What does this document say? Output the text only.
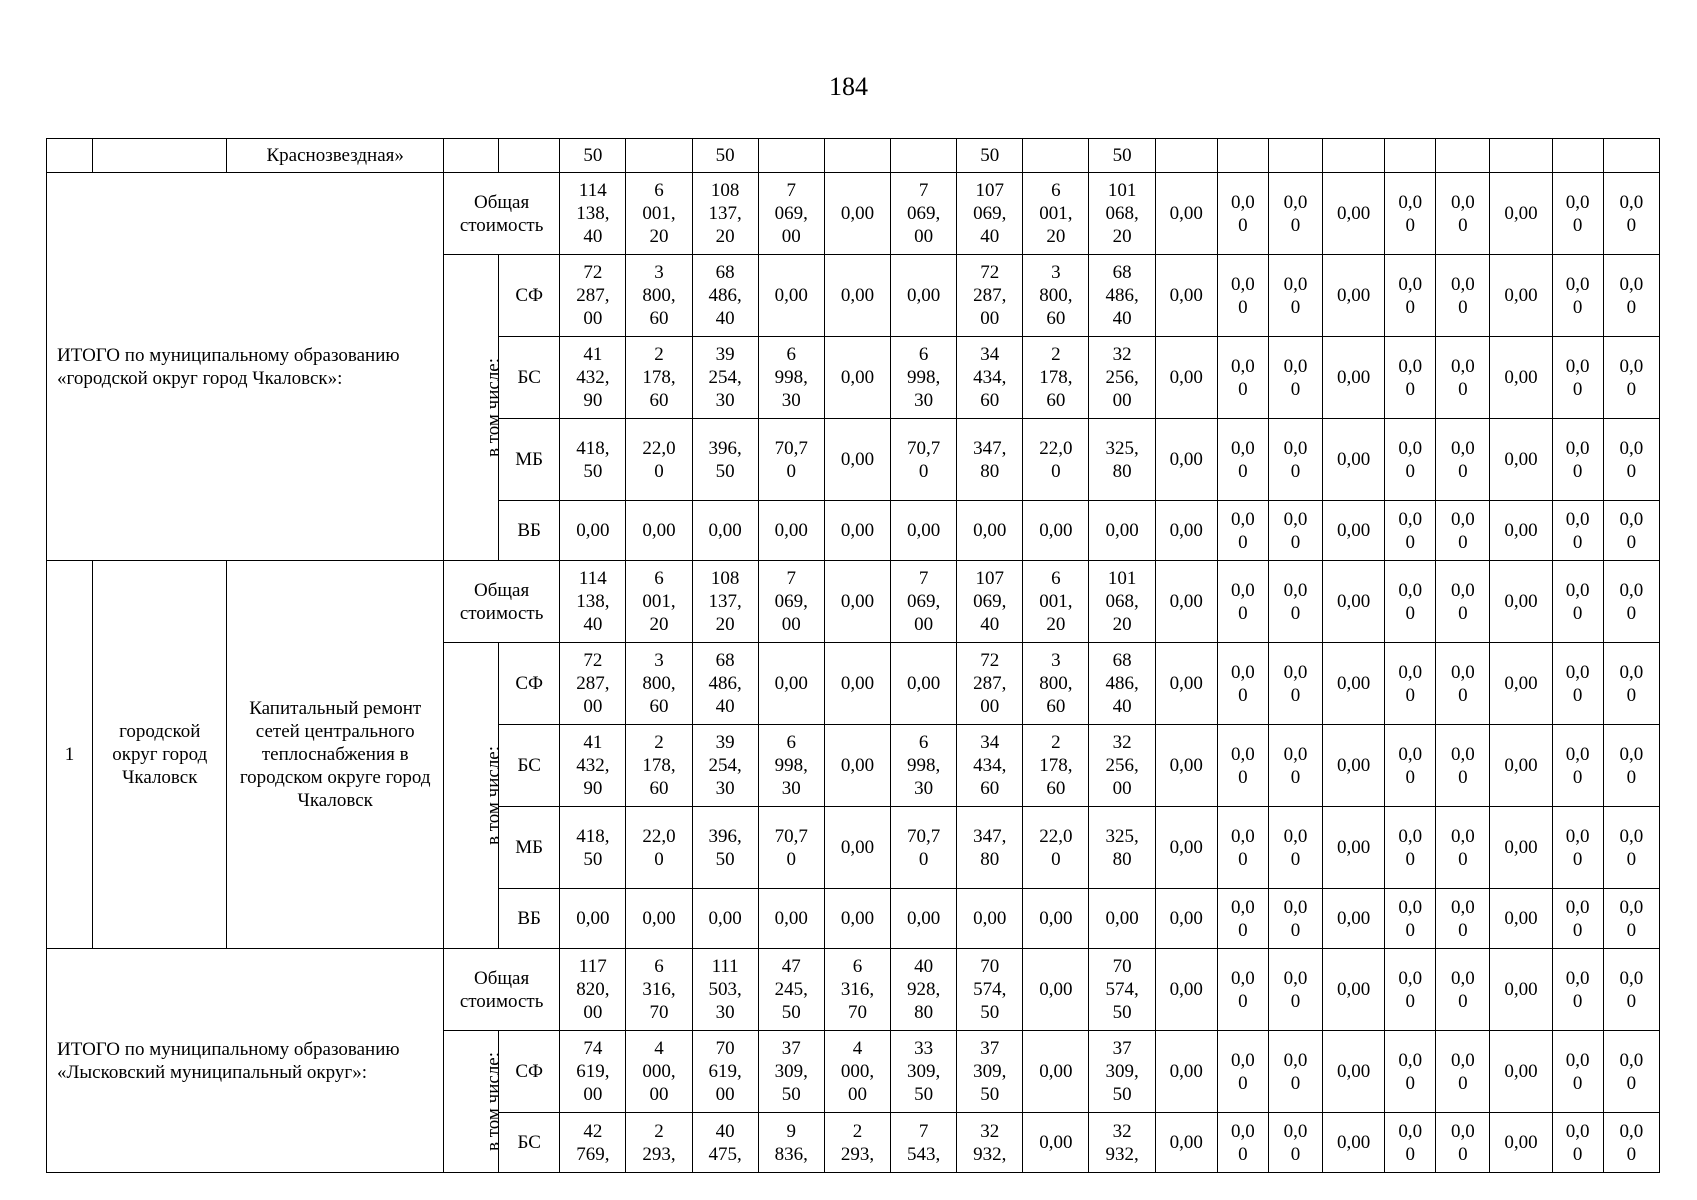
184
		Краснозвездная»			50		50				50		50									
ИТОГО по муниципальному образованию «городской округ город Чкаловск»:			Общая стоимость		114
138,
40	6
001,
20	108
137,
20	7
069,
00	0,00	7
069,
00	107
069,
40	6
001,
20	101
068,
20	0,00	0,0
0	0,0
0	0,00	0,0
0	0,0
0	0,00	0,0
0	0,0
0
			в том числе:	СФ	72
287,
00	3
800,
60	68
486,
40	0,00	0,00	0,00	72
287,
00	3
800,
60	68
486,
40	0,00	0,0
0	0,0
0	0,00	0,0
0	0,0
0	0,00	0,0
0	0,0
0
				БС	41
432,
90	2
178,
60	39
254,
30	6
998,
30	0,00	6
998,
30	34
434,
60	2
178,
60	32
256,
00	0,00	0,0
0	0,0
0	0,00	0,0
0	0,0
0	0,00	0,0
0	0,0
0
				МБ	418,
50	22,0
0	396,
50	70,7
0	0,00	70,7
0	347,
80	22,0
0	325,
80	0,00	0,0
0	0,0
0	0,00	0,0
0	0,0
0	0,00	0,0
0	0,0
0
				ВБ	0,00	0,00	0,00	0,00	0,00	0,00	0,00	0,00	0,00	0,00	0,0
0	0,0
0	0,00	0,0
0	0,0
0	0,00	0,0
0	0,0
0
1	городской округ город Чкаловск	Капитальный ремонт сетей центрального теплоснабжения в городском округе город Чкаловск	Общая стоимость		114
138,
40	6
001,
20	108
137,
20	7
069,
00	0,00	7
069,
00	107
069,
40	6
001,
20	101
068,
20	0,00	0,0
0	0,0
0	0,00	0,0
0	0,0
0	0,00	0,0
0	0,0
0
			в том числе:	СФ	72
287,
00	3
800,
60	68
486,
40	0,00	0,00	0,00	72
287,
00	3
800,
60	68
486,
40	0,00	0,0
0	0,0
0	0,00	0,0
0	0,0
0	0,00	0,0
0	0,0
0
				БС	41
432,
90	2
178,
60	39
254,
30	6
998,
30	0,00	6
998,
30	34
434,
60	2
178,
60	32
256,
00	0,00	0,0
0	0,0
0	0,00	0,0
0	0,0
0	0,00	0,0
0	0,0
0
				МБ	418,
50	22,0
0	396,
50	70,7
0	0,00	70,7
0	347,
80	22,0
0	325,
80	0,00	0,0
0	0,0
0	0,00	0,0
0	0,0
0	0,00	0,0
0	0,0
0
				ВБ	0,00	0,00	0,00	0,00	0,00	0,00	0,00	0,00	0,00	0,00	0,0
0	0,0
0	0,00	0,0
0	0,0
0	0,00	0,0
0	0,0
0
ИТОГО по муниципальному образованию «Лысковский муниципальный округ»:			Общая стоимость		117
820,
00	6
316,
70	111
503,
30	47
245,
50	6
316,
70	40
928,
80	70
574,
50	0,00	70
574,
50	0,00	0,0
0	0,0
0	0,00	0,0
0	0,0
0	0,00	0,0
0	0,0
0
			в том числе:	СФ	74
619,
00	4
000,
00	70
619,
00	37
309,
50	4
000,
00	33
309,
50	37
309,
50	0,00	37
309,
50	0,00	0,0
0	0,0
0	0,00	0,0
0	0,0
0	0,00	0,0
0	0,0
0
				БС	42
769,	2
293,	40
475,	9
836,	2
293,	7
543,	32
932,	0,00	32
932,	0,00	0,0
0	0,0
0	0,00	0,0
0	0,0
0	0,00	0,0
0	0,0
0
